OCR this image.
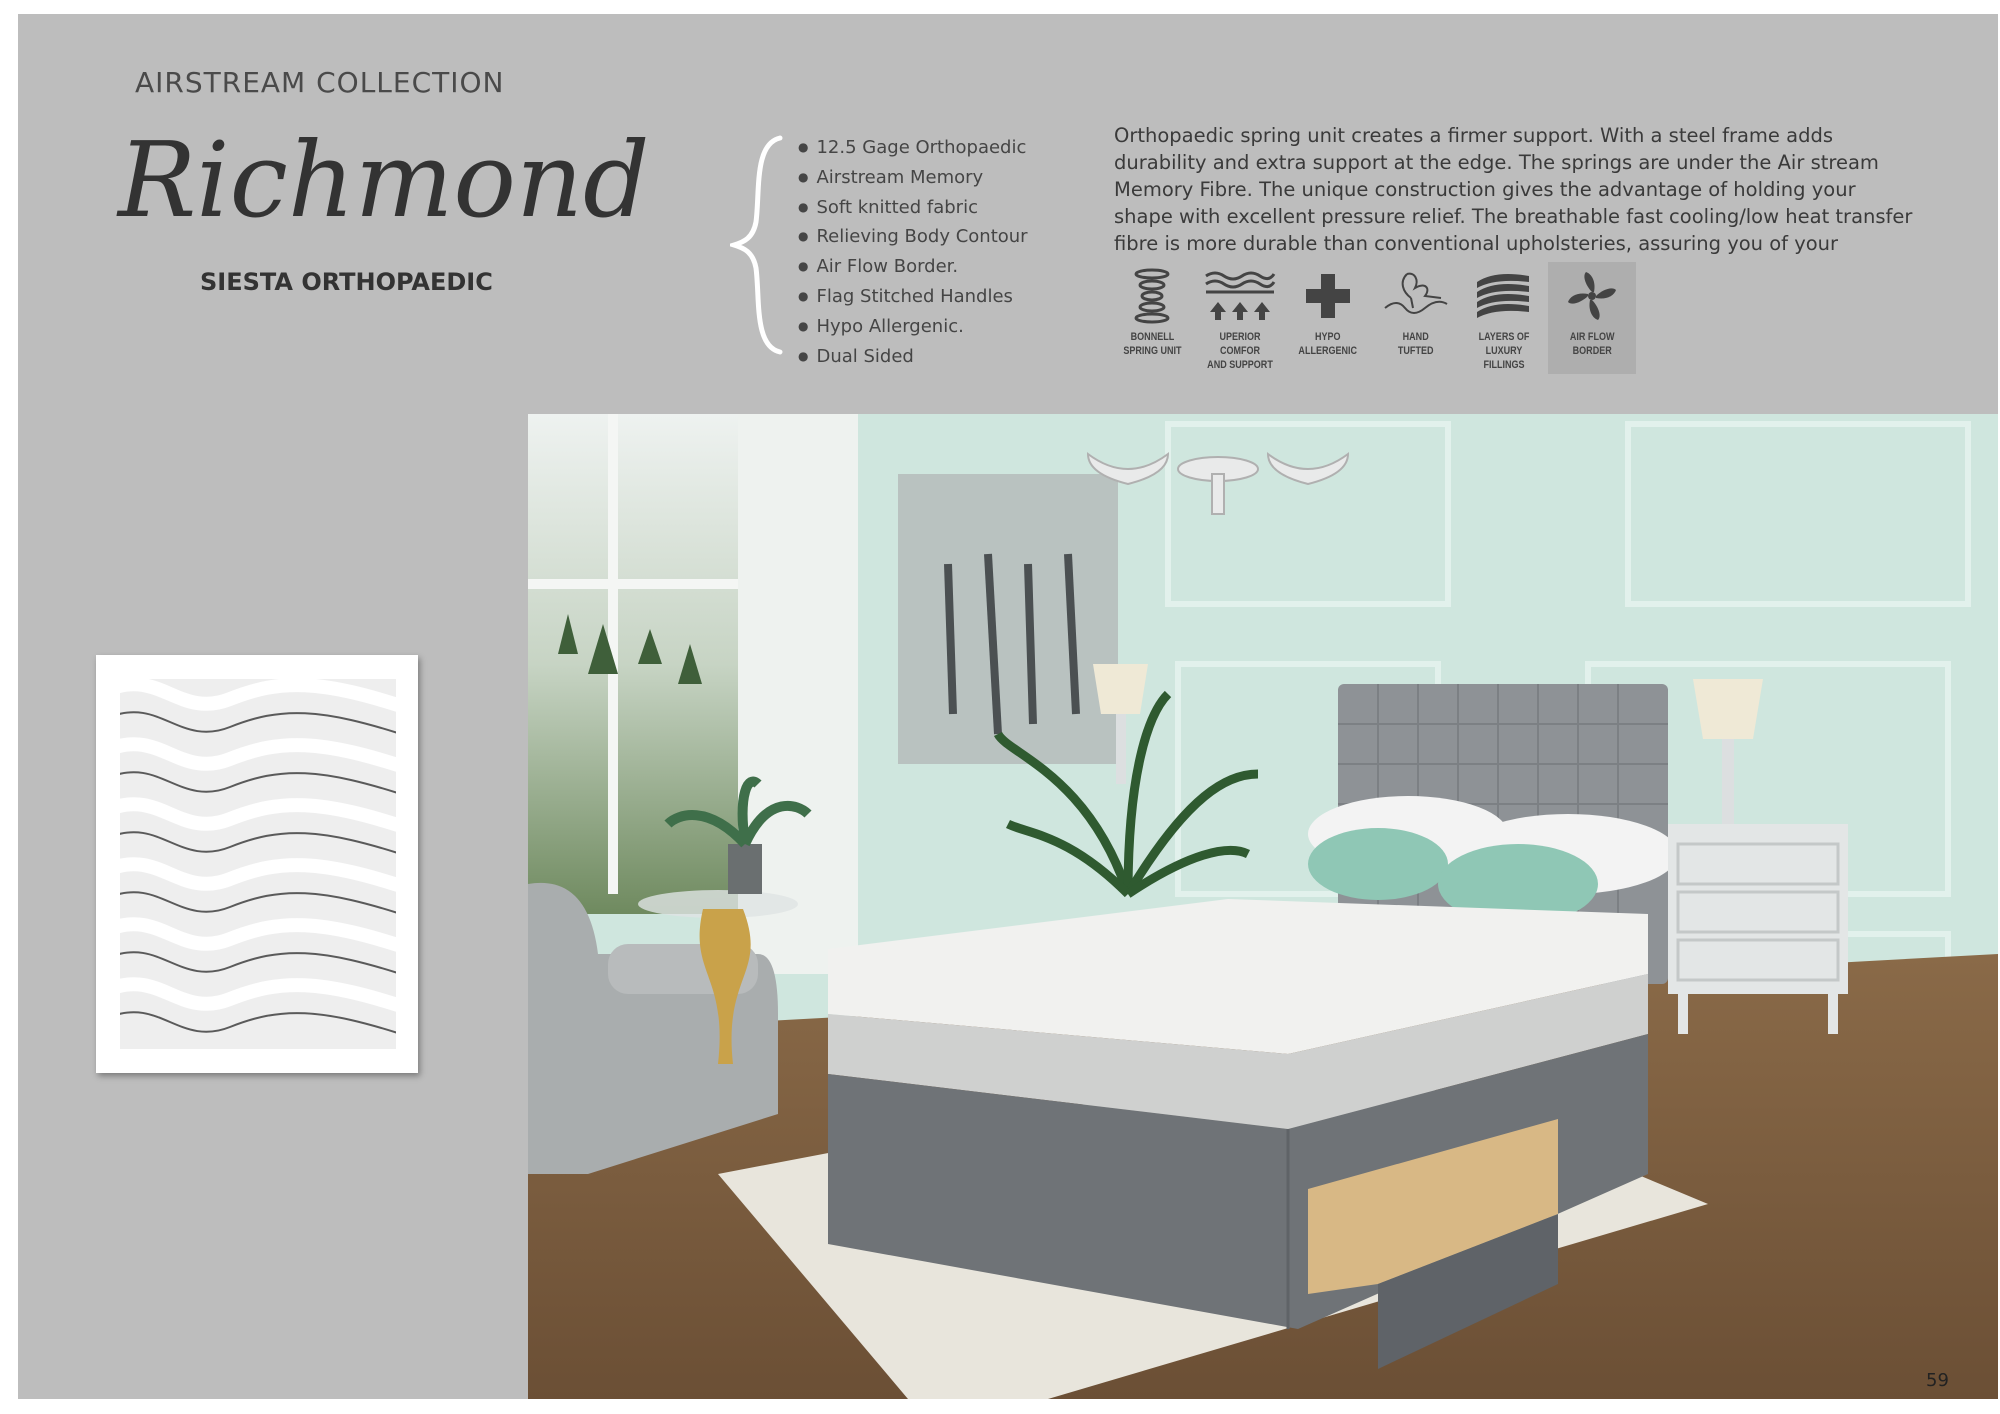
AIRSTREAM COLLECTION
Richmond
SIESTA ORTHOPAEDIC
● 12.5 Gage Orthopaedic
● Airstream Memory
● Soft knitted fabric
● Relieving Body Contour
● Air Flow Border.
● Flag Stitched Handles
● Hypo Allergenic.
● Dual Sided
Orthopaedic spring unit creates a firmer support. With a steel frame adds durability and extra support at the edge. The springs are under the Air stream Memory Fibre. The unique construction gives the advantage of holding your shape with excellent pressure relief. The breathable fast cooling/low heat transfer fibre is more durable than conventional upholsteries, assuring you of your
BONNELL
SPRING UNIT
UPERIOR COMFOR
AND SUPPORT
HYPO
ALLERGENIC
HAND
TUFTED
LAYERS OF
LUXURY FILLINGS
AIR FLOW
BORDER
59
